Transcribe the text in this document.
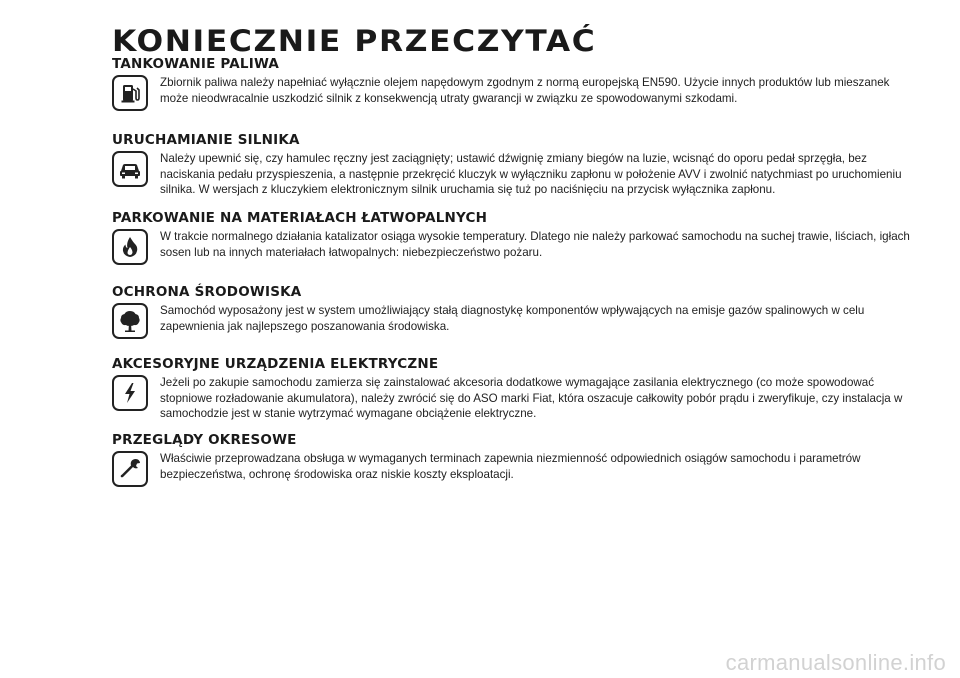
KONIECZNIE PRZECZYTAĆ
TANKOWANIE PALIWA
Zbiornik paliwa należy napełniać wyłącznie olejem napędowym zgodnym z normą europejską EN590. Użycie innych produktów lub mieszanek może nieodwracalnie uszkodzić silnik z konsekwencją utraty gwarancji w związku ze spowodowanymi szkodami.
URUCHAMIANIE SILNIKA
Należy upewnić się, czy hamulec ręczny jest zaciągnięty; ustawić dźwignię zmiany biegów na luzie, wcisnąć do oporu pedał sprzęgła, bez naciskania pedału przyspieszenia, a następnie przekręcić kluczyk w wyłączniku zapłonu w położenie AVV i zwolnić natychmiast po uruchomieniu silnika. W wersjach z kluczykiem elektronicznym silnik uruchamia się tuż po naciśnięciu na przycisk wyłącznika zapłonu.
PARKOWANIE NA MATERIAŁACH ŁATWOPALNYCH
W trakcie normalnego działania katalizator osiąga wysokie temperatury. Dlatego nie należy parkować samochodu na suchej trawie, liściach, igłach sosen lub na innych materiałach łatwopalnych: niebezpieczeństwo pożaru.
OCHRONA ŚRODOWISKA
Samochód wyposażony jest w system umożliwiający stałą diagnostykę komponentów wpływających na emisje gazów spalinowych w celu zapewnienia jak najlepszego poszanowania środowiska.
AKCESORYJNE URZĄDZENIA ELEKTRYCZNE
Jeżeli po zakupie samochodu zamierza się zainstalować akcesoria dodatkowe wymagające zasilania elektrycznego (co może spowodować stopniowe rozładowanie akumulatora), należy zwrócić się do ASO marki Fiat, która oszacuje całkowity pobór prądu i zweryfikuje, czy instalacja w samochodzie jest w stanie wytrzymać wymagane obciążenie elektryczne.
PRZEGLĄDY OKRESOWE
Właściwie przeprowadzana obsługa w wymaganych terminach zapewnia niezmienność odpowiednich osiągów samochodu i parametrów bezpieczeństwa, ochronę środowiska oraz niskie koszty eksploatacji.
carmanualsonline.info
